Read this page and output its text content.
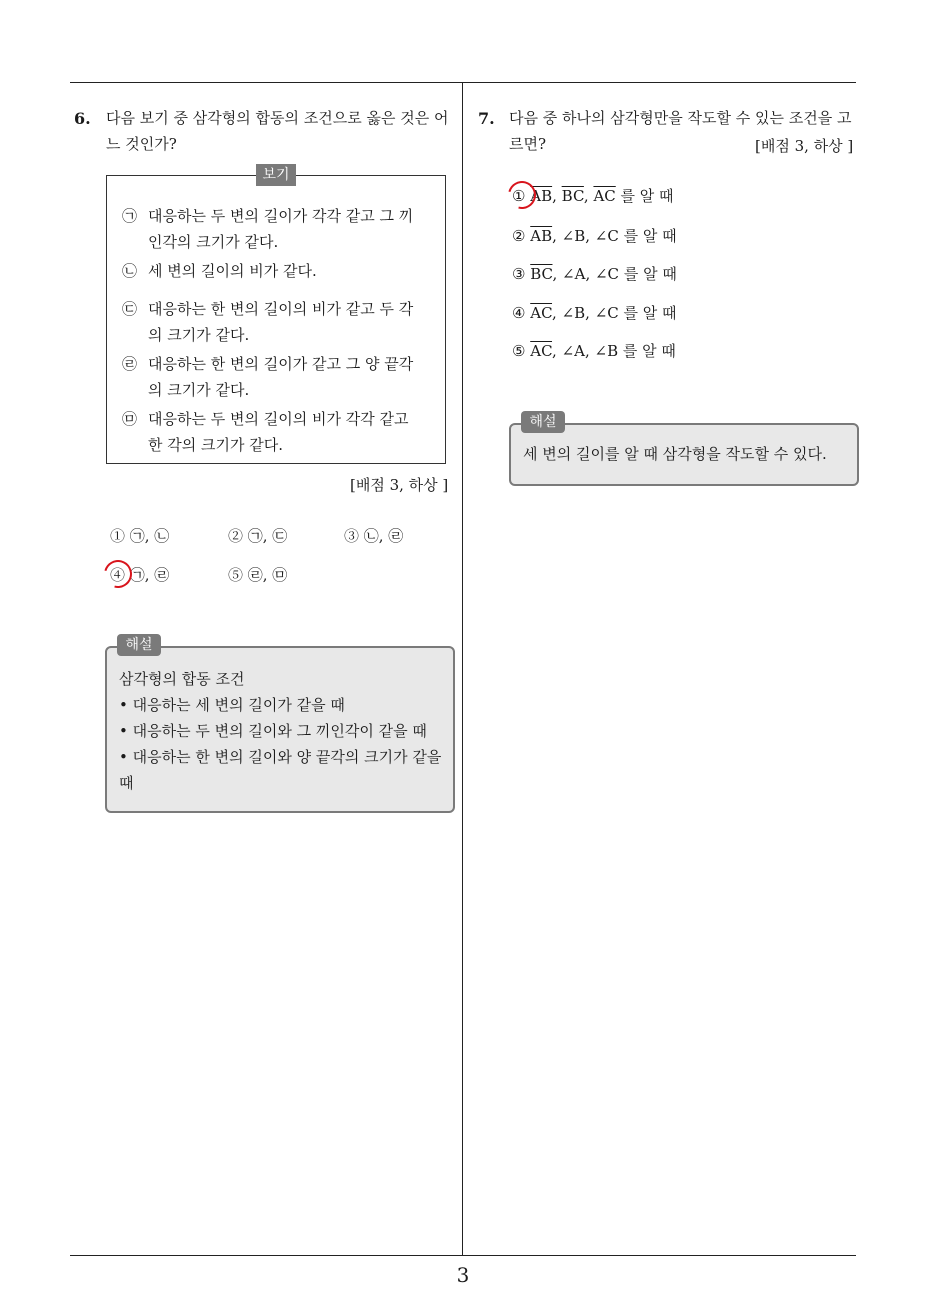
6. 다음 보기 중 삼각형의 합동의 조건으로 옳은 것은 어
느 것인가?
보기
㉠ 대응하는 두 변의 길이가 각각 같고 그 끼인각의 크기가 같다.
㉡ 세 변의 길이의 비가 같다.
㉢ 대응하는 한 변의 길이의 비가 같고 두 각의 크기가 같다.
㉣ 대응하는 한 변의 길이가 같고 그 양 끝각의 크기가 같다.
㉤ 대응하는 두 변의 길이의 비가 각각 같고 한 각의 크기가 같다.
[배점 3, 하상 ]
① ㉠, ㉡	② ㉠, ㉢	③ ㉡, ㉣
④ ㉠, ㉣	⑤ ㉣, ㉤
삼각형의 합동 조건
• 대응하는 세 변의 길이가 같을 때
• 대응하는 두 변의 길이와 그 끼인각이 같을 때
• 대응하는 한 변의 길이와 양 끝각의 크기가 같을
때
해설
7. 다음 중 하나의 삼각형만을 작도할 수 있는 조건을 고
르면?	[배점 3, 하상 ]
① $\overline{AB}$, $\overline{BC}$, $\overline{AC}$ 를 알 때
② $\overline{AB}$, ∠B, ∠C 를 알 때
③ $\overline{BC}$, ∠A, ∠C 를 알 때
④ $\overline{AC}$, ∠B, ∠C 를 알 때
⑤ $\overline{AC}$, ∠A, ∠B 를 알 때
세 변의 길이를 알 때 삼각형을 작도할 수 있다.
해설
3
